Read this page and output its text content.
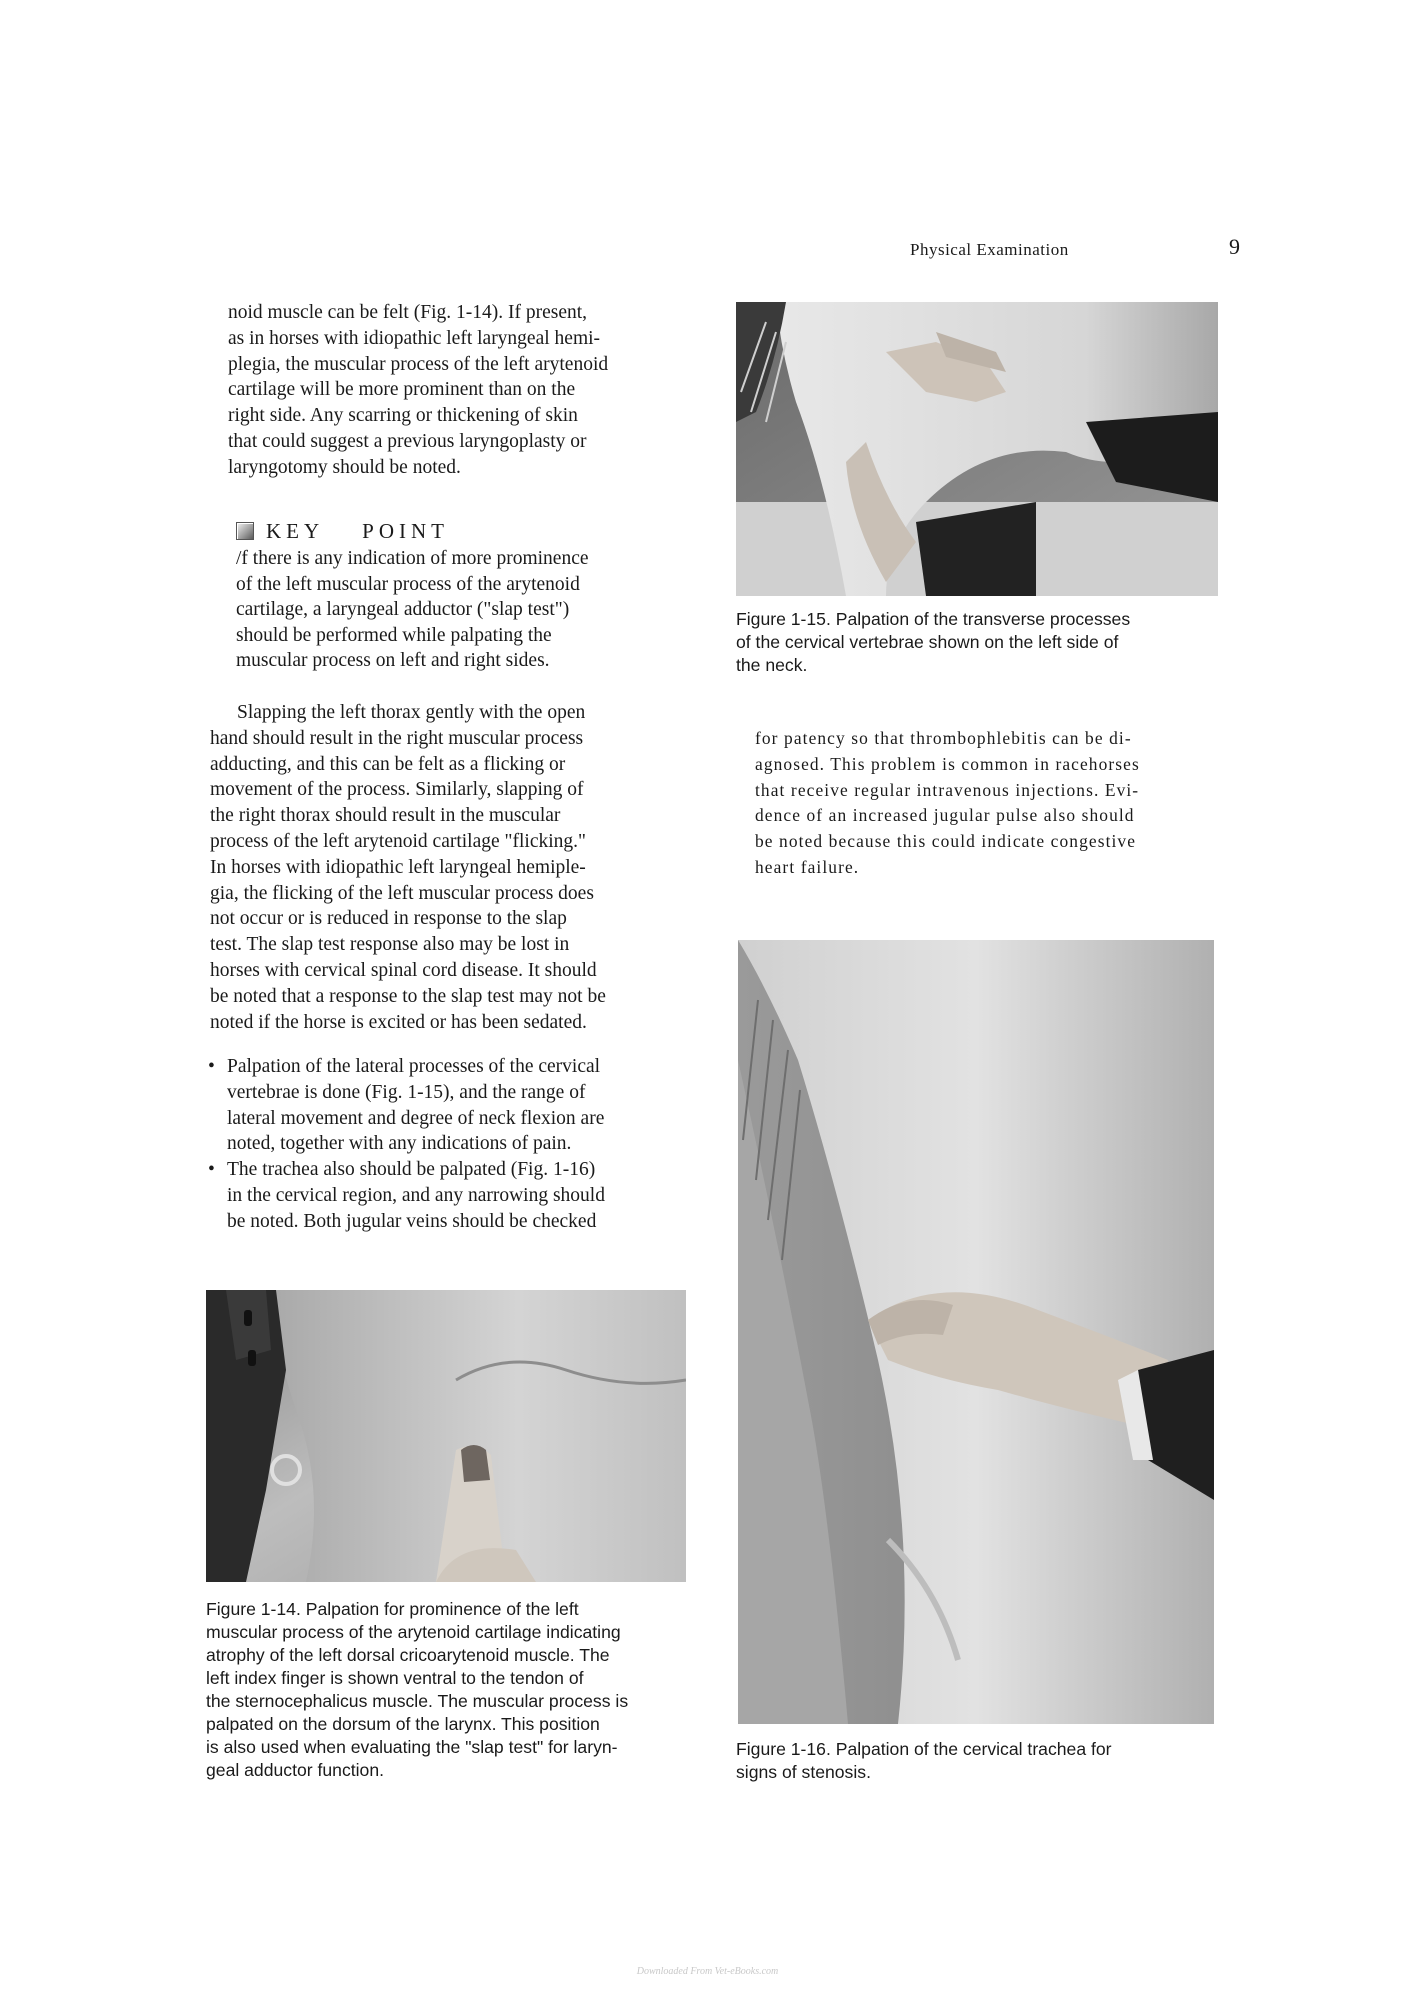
Physical Examination	9

noid muscle can be felt (Fig. 1-14). If present,

as in horses with idiopathic left laryngeal hemi-

plegia, the muscular process of the left arytenoid

cartilage will be more prominent than on the

right side. Any scarring or thickening of skin

that could suggest a previous laryngoplasty or

laryngotomy should be noted.

KEY POINT
/f there is any indication of more prominence
of the left muscular process of the arytenoid
cartilage, a laryngeal adductor ("slap test")
should be performed while palpating the
muscular process on left and right sides.

Slapping the left thorax gently with the open

hand should result in the right muscular process

adducting, and this can be felt as a flicking or

movement of the process. Similarly, slapping of

the right thorax should result in the muscular

process of the left arytenoid cartilage "flicking."

In horses with idiopathic left laryngeal hemiple-

gia, the flicking of the left muscular process does

not occur or is reduced in response to the slap

test. The slap test response also may be lost in

horses with cervical spinal cord disease. It should

be noted that a response to the slap test may not be

noted if the horse is excited or has been sedated.

• Palpation of the lateral processes of the cervical

vertebrae is done (Fig. 1-15), and the range of

lateral movement and degree of neck flexion are

noted, together with any indications of pain.

• The trachea also should be palpated (Fig. 1-16)

in the cervical region, and any narrowing should

be noted. Both jugular veins should be checked

Figure 1-14. Palpation for prominence of the left
muscular process of the arytenoid cartilage indicating
atrophy of the left dorsal cricoarytenoid muscle. The
left index finger is shown ventral to the tendon of
the sternocephalicus muscle. The muscular process is
palpated on the dorsum of the larynx. This position
is also used when evaluating the "slap test" for laryn-
geal adductor function.
Figure 1-15. Palpation of the transverse processes
of the cervical vertebrae shown on the left side of
the neck.
for patency so that thrombophlebitis can be di-
agnosed. This problem is common in racehorses
that receive regular intravenous injections. Evi-
dence of an increased jugular pulse also should
be noted because this could indicate congestive
heart failure.
Figure 1-16. Palpation of the cervical trachea for
signs of stenosis.
Downloaded From Vet-eBooks.com
